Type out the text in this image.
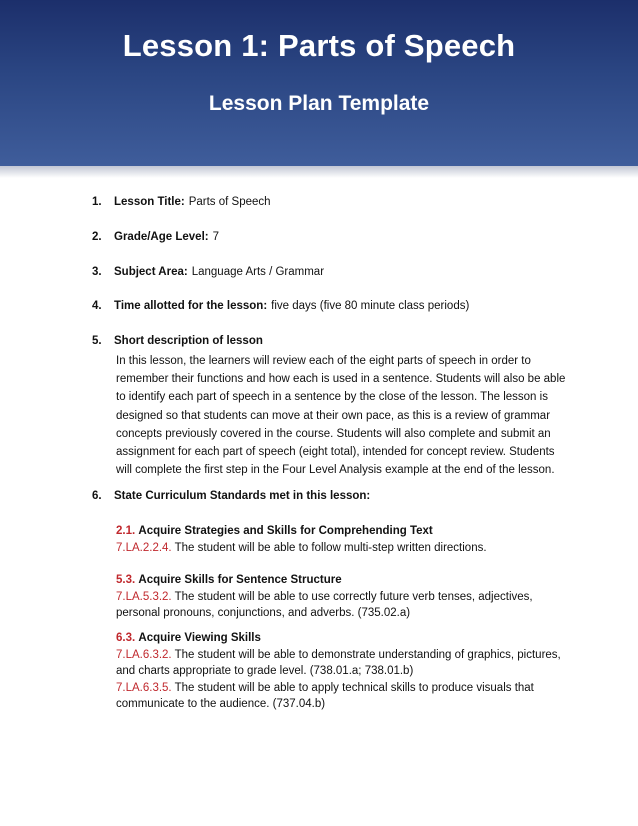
Lesson 1: Parts of Speech
Lesson Plan Template
1. Lesson Title: Parts of Speech
2. Grade/Age Level: 7
3. Subject Area: Language Arts / Grammar
4. Time allotted for the lesson: five days (five 80 minute class periods)
5. Short description of lesson
In this lesson, the learners will review each of the eight parts of speech in order to
remember their functions and how each is used in a sentence. Students will also be able
to identify each part of speech in a sentence by the close of the lesson. The lesson is
designed so that students can move at their own pace, as this is a review of grammar
concepts previously covered in the course. Students will also complete and submit an
assignment for each part of speech (eight total), intended for concept review. Students
will complete the first step in the Four Level Analysis example at the end of the lesson.
6. State Curriculum Standards met in this lesson:
2.1. Acquire Strategies and Skills for Comprehending Text
7.LA.2.2.4. The student will be able to follow multi-step written directions.
5.3. Acquire Skills for Sentence Structure
7.LA.5.3.2. The student will be able to use correctly future verb tenses, adjectives,
personal pronouns, conjunctions, and adverbs. (735.02.a)
6.3. Acquire Viewing Skills
7.LA.6.3.2. The student will be able to demonstrate understanding of graphics, pictures,
and charts appropriate to grade level. (738.01.a; 738.01.b)
7.LA.6.3.5. The student will be able to apply technical skills to produce visuals that
communicate to the audience. (737.04.b)
